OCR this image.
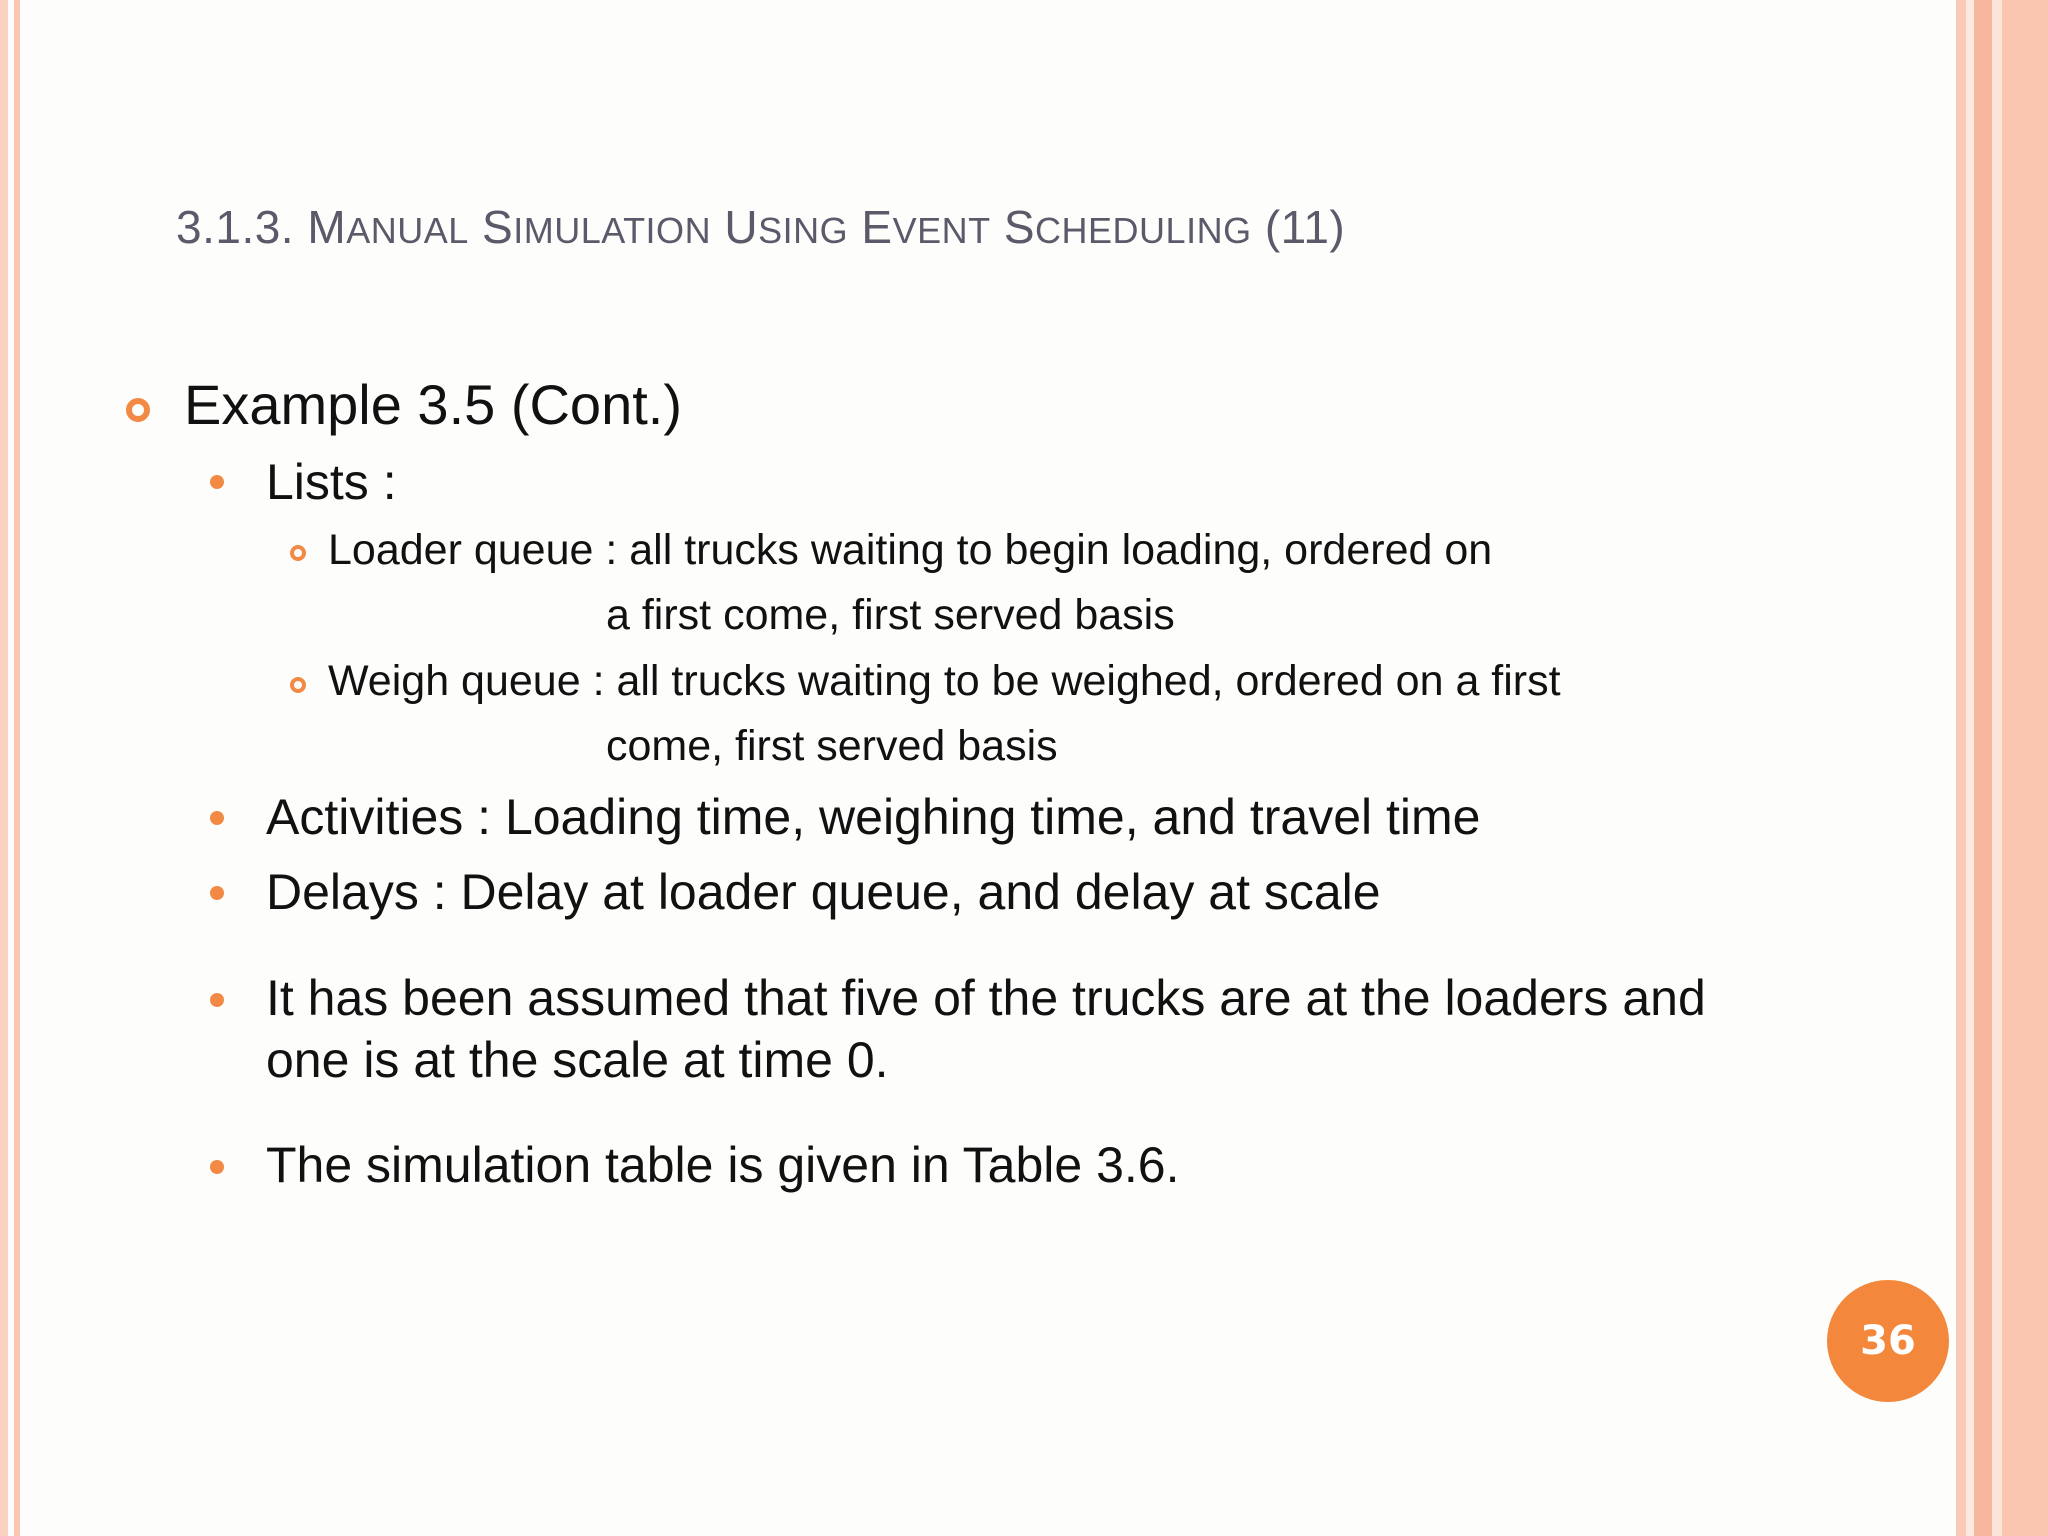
3.1.3. MANUAL SIMULATION USING EVENT SCHEDULING (11)
Example 3.5 (Cont.)
Lists :
Loader queue : all trucks waiting to begin loading, ordered on
a first come, first served basis
Weigh queue : all trucks waiting to be weighed, ordered on a first
come, first served basis
Activities : Loading time, weighing time, and travel time
Delays : Delay at loader queue, and delay at scale
It has been assumed that five of the trucks are at the loaders and
one is at the scale at time 0.
The simulation table is given in Table 3.6.
36
